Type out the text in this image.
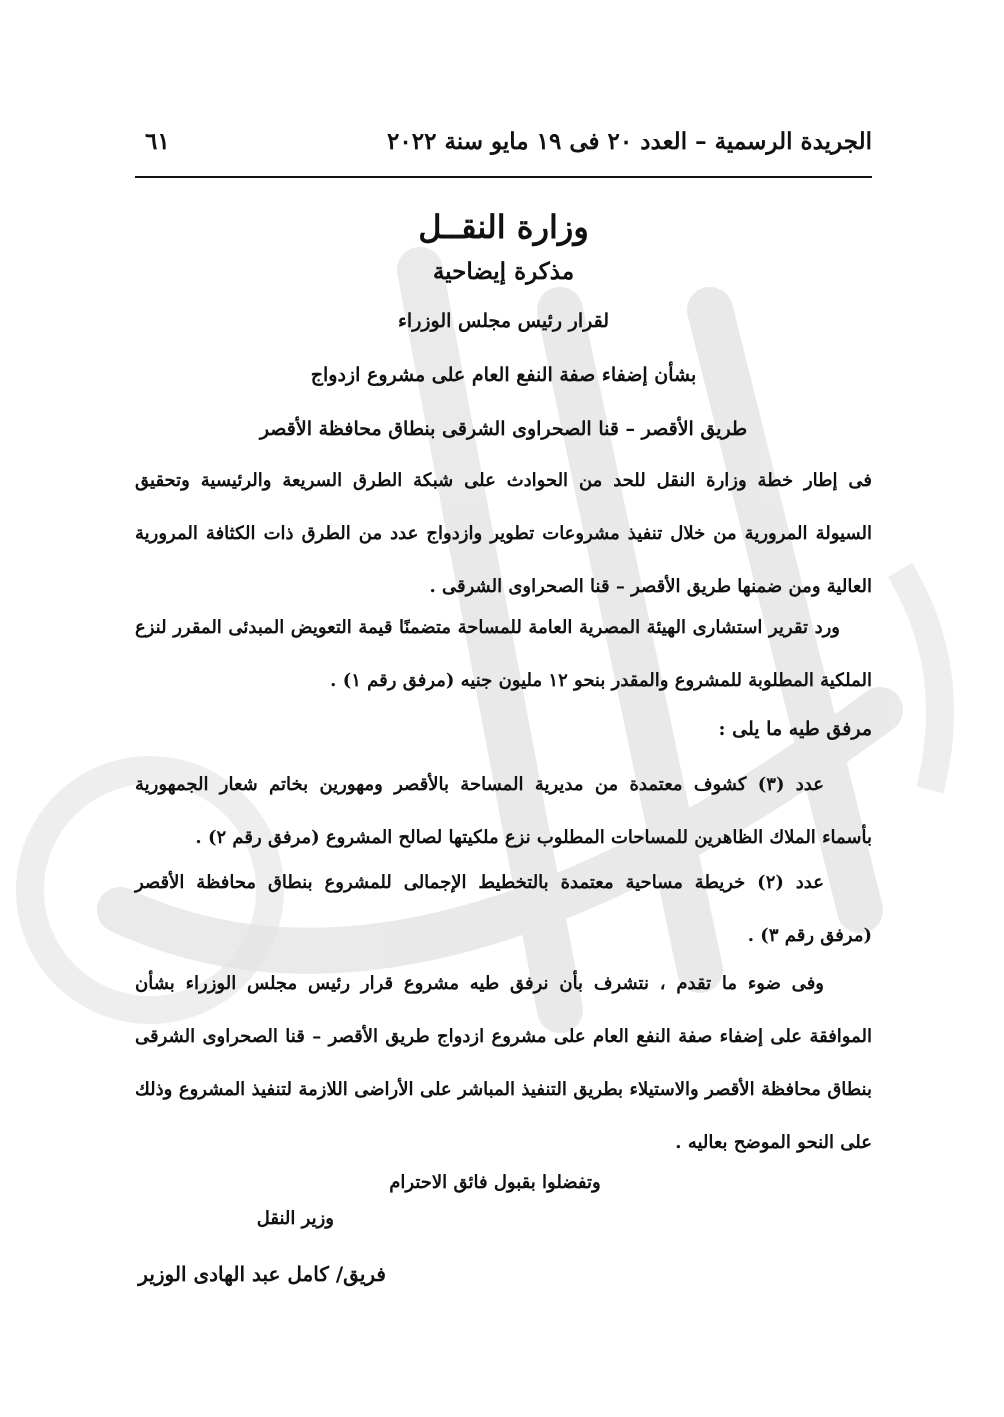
الجريدة الرسمية – العدد ٢٠ فى ١٩ مايو سنة ٢٠٢٢
٦١
وزارة النقــل
مذكرة إيضاحية
لقرار رئيس مجلس الوزراء
بشأن إضفاء صفة النفع العام على مشروع ازدواج
طريق الأقصر – قنا الصحراوى الشرقى بنطاق محافظة الأقصر
فى إطار خطة وزارة النقل للحد من الحوادث على شبكة الطرق السريعة والرئيسية وتحقيق السيولة المرورية من خلال تنفيذ مشروعات تطوير وازدواج عدد من الطرق ذات الكثافة المرورية العالية ومن ضمنها طريق الأقصر – قنا الصحراوى الشرقى .
ورد تقرير استشارى الهيئة المصرية العامة للمساحة متضمنًا قيمة التعويض المبدئى المقرر لنزع الملكية المطلوبة للمشروع والمقدر بنحو ١٢ مليون جنيه (مرفق رقم ١) .
مرفق طيه ما يلى :
عدد (٣) كشوف معتمدة من مديرية المساحة بالأقصر ومهورين بخاتم شعار الجمهورية بأسماء الملاك الظاهرين للمساحات المطلوب نزع ملكيتها لصالح المشروع (مرفق رقم ٢) .
عدد (٢) خريطة مساحية معتمدة بالتخطيط الإجمالى للمشروع بنطاق محافظة الأقصر (مرفق رقم ٣) .
وفى ضوء ما تقدم ، نتشرف بأن نرفق طيه مشروع قرار رئيس مجلس الوزراء بشأن الموافقة على إضفاء صفة النفع العام على مشروع ازدواج طريق الأقصر – قنا الصحراوى الشرقى بنطاق محافظة الأقصر والاستيلاء بطريق التنفيذ المباشر على الأراضى اللازمة لتنفيذ المشروع وذلك على النحو الموضح بعاليه .
وتفضلوا بقبول فائق الاحترام
وزير النقل
فريق/ كامل عبد الهادى الوزير
